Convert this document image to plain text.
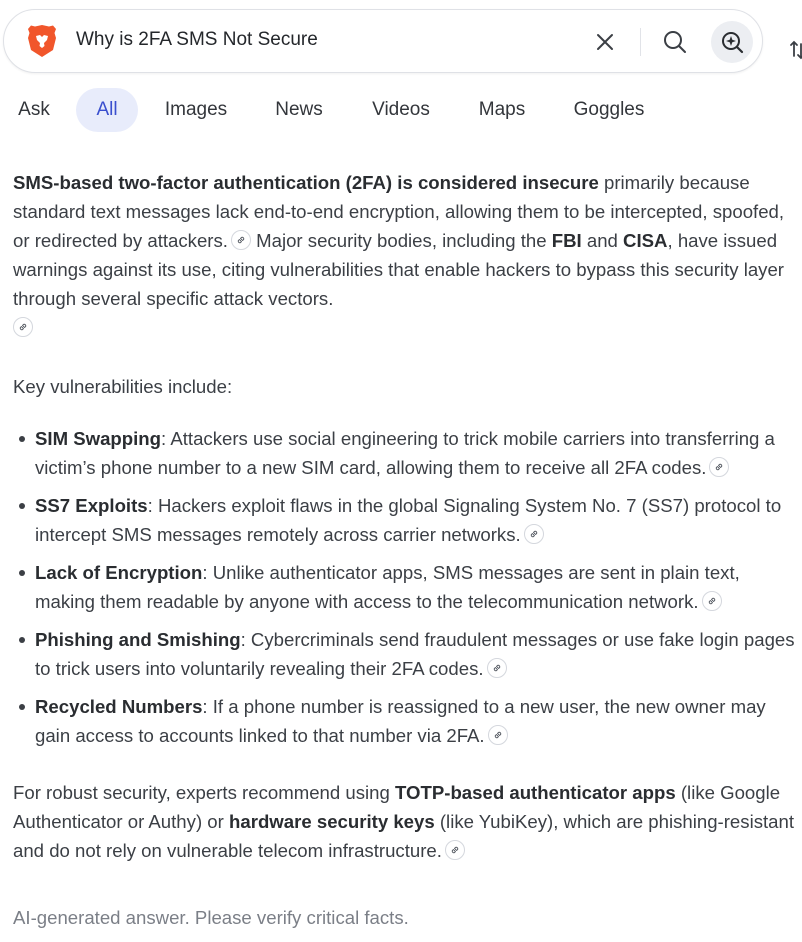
Why is 2FA SMS Not Secure
Ask	All	Images	News	Videos	Maps	Goggles

SMS-based two-factor authentication (2FA) is considered insecure primarily because standard text messages lack end-to-end encryption, allowing them to be intercepted, spoofed, or redirected by attackers.
Major security bodies, including the FBI and CISA, have issued warnings against its use, citing vulnerabilities that enable hackers to bypass this security layer through several specific attack vectors.

Key vulnerabilities include:

SIM Swapping: Attackers use social engineering to trick mobile carriers into transferring a victim’s phone number to a new SIM card, allowing them to receive all 2FA codes.
SS7 Exploits: Hackers exploit flaws in the global Signaling System No. 7 (SS7) protocol to intercept SMS messages remotely across carrier networks.
Lack of Encryption: Unlike authenticator apps, SMS messages are sent in plain text, making them readable by anyone with access to the telecommunication network.
Phishing and Smishing: Cybercriminals send fraudulent messages or use fake login pages to trick users into voluntarily revealing their 2FA codes.
Recycled Numbers: If a phone number is reassigned to a new user, the new owner may gain access to accounts linked to that number via 2FA.

For robust security, experts recommend using TOTP-based authenticator apps (like Google Authenticator or Authy) or hardware security keys (like YubiKey), which are phishing-resistant and do not rely on vulnerable telecom infrastructure.

AI-generated answer. Please verify critical facts.
